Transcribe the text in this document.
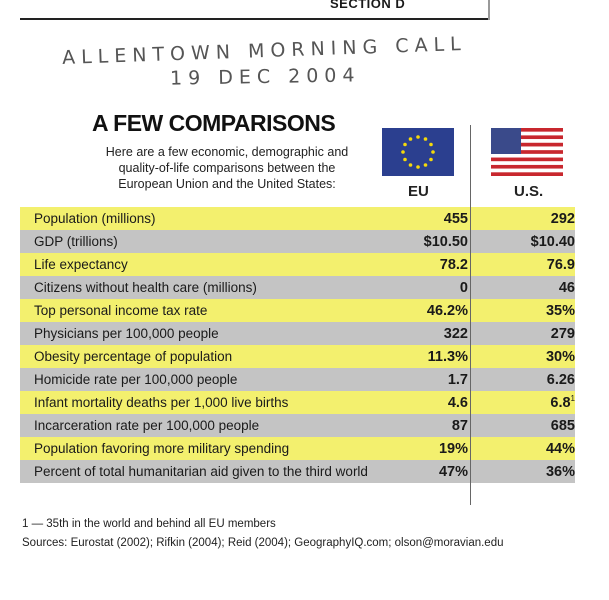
SECTION D
ALLENTOWN MORNING CALL
19 DEC 2004
A FEW COMPARISONS
Here are a few economic, demographic and quality-of-life comparisons between the European Union and the United States:	EU	U.S.
Population (millions)	455	292
GDP (trillions)	$10.50	$10.40
Life expectancy	78.2	76.9
Citizens without health care (millions)	0	46
Top personal income tax rate	46.2%	35%
Physicians per 100,000 people	322	279
Obesity percentage of population	11.3%	30%
Homicide rate per 100,000 people	1.7	6.26
Infant mortality deaths per 1,000 live births	4.6	$6.8^1$
Incarceration rate per 100,000 people	87	685
Population favoring more military spending	19%	44%
Percent of total humanitarian aid given to the third world	47%	36%
1 — 35th in the world and behind all EU members
Sources: Eurostat (2002); Rifkin (2004); Reid (2004); GeographyIQ.com; olson@moravian.edu
